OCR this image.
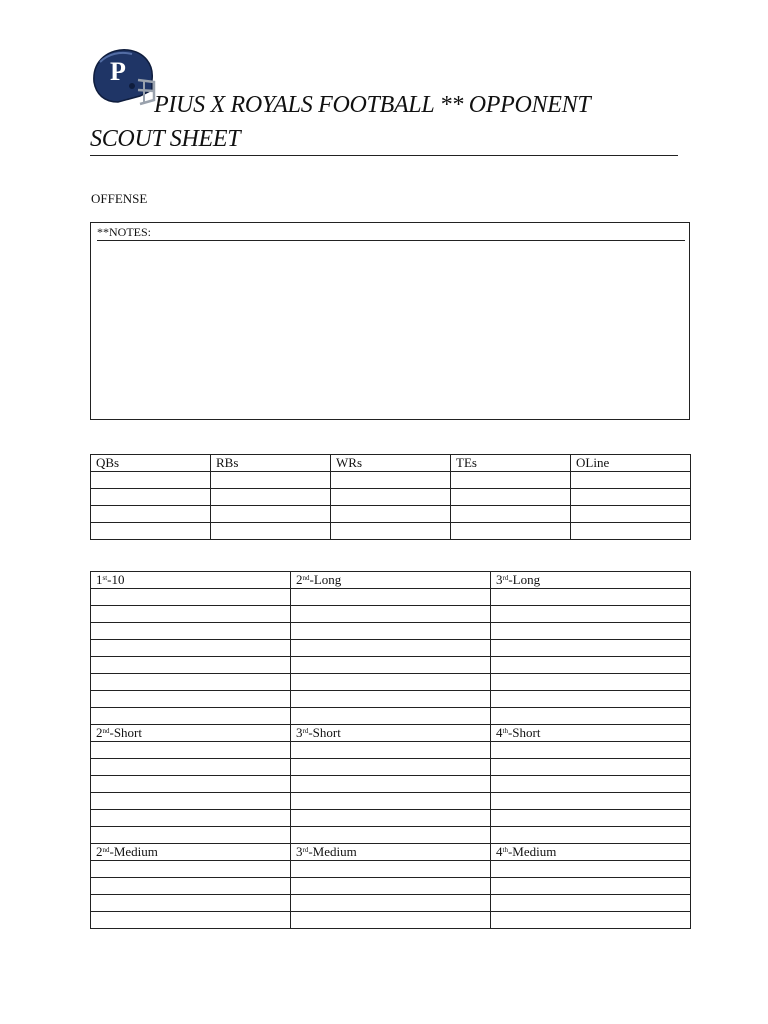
P
PIUS X ROYALS FOOTBALL ** OPPONENT
SCOUT SHEET
OFFENSE
**NOTES:
QBs	RBs	WRs	TEs	OLine

1st-10	2nd-Long	3rd-Long

2nd-Short	3rd-Short	4th-Short

2nd-Medium	3rd-Medium	4th-Medium
